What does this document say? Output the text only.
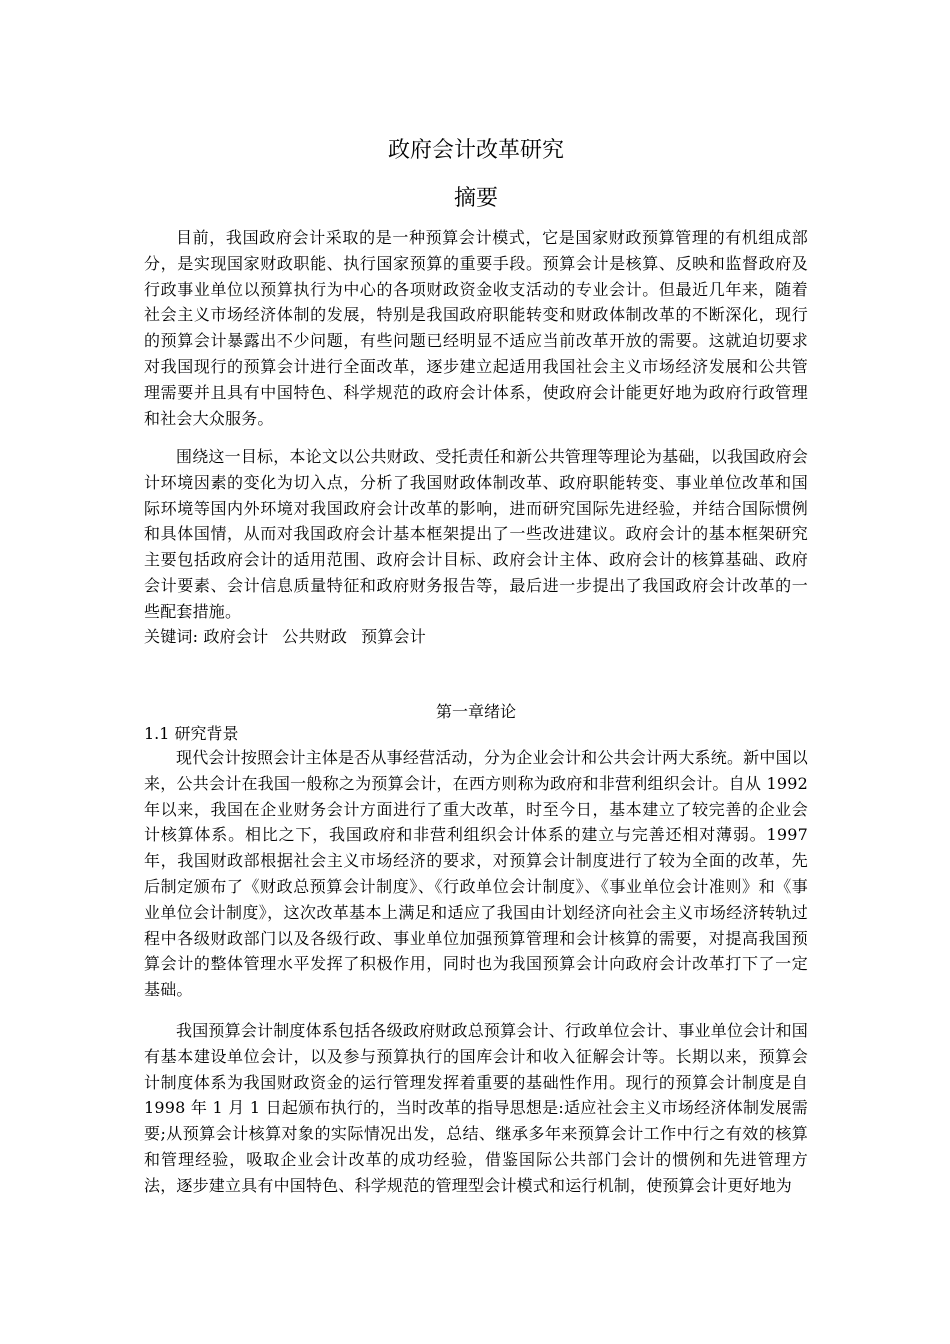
政府会计改革研究
摘要

目前，我国政府会计采取的是一种预算会计模式，它是国家财政预算管理的有机组成部分，是实现国家财政职能、执行国家预算的重要手段。预算会计是核算、反映和监督政府及行政事业单位以预算执行为中心的各项财政资金收支活动的专业会计。但最近几年来，随着社会主义市场经济体制的发展，特别是我国政府职能转变和财政体制改革的不断深化，现行的预算会计暴露出不少问题，有些问题已经明显不适应当前改革开放的需要。这就迫切要求对我国现行的预算会计进行全面改革，逐步建立起适用我国社会主义市场经济发展和公共管理需要并且具有中国特色、科学规范的政府会计体系，使政府会计能更好地为政府行政管理和社会大众服务。

围绕这一目标，本论文以公共财政、受托责任和新公共管理等理论为基础，以我国政府会计环境因素的变化为切入点，分析了我国财政体制改革、政府职能转变、事业单位改革和国际环境等国内外环境对我国政府会计改革的影响，进而研究国际先进经验，并结合国际惯例和具体国情，从而对我国政府会计基本框架提出了一些改进建议。政府会计的基本框架研究主要包括政府会计的适用范围、政府会计目标、政府会计主体、政府会计的核算基础、政府会计要素、会计信息质量特征和政府财务报告等，最后进一步提出了我国政府会计改革的一些配套措施。

关键词: 政府会计 公共财政 预算会计

第一章绪论
1.1 研究背景

现代会计按照会计主体是否从事经营活动，分为企业会计和公共会计两大系统。新中国以来，公共会计在我国一般称之为预算会计，在西方则称为政府和非营利组织会计。自从 1992 年以来，我国在企业财务会计方面进行了重大改革，时至今日，基本建立了较完善的企业会计核算体系。相比之下，我国政府和非营利组织会计体系的建立与完善还相对薄弱。1997 年，我国财政部根据社会主义市场经济的要求，对预算会计制度进行了较为全面的改革，先后制定颁布了《财政总预算会计制度》、《行政单位会计制度》、《事业单位会计准则》和《事业单位会计制度》，这次改革基本上满足和适应了我国由计划经济向社会主义市场经济转轨过程中各级财政部门以及各级行政、事业单位加强预算管理和会计核算的需要，对提高我国预算会计的整体管理水平发挥了积极作用，同时也为我国预算会计向政府会计改革打下了一定基础。

我国预算会计制度体系包括各级政府财政总预算会计、行政单位会计、事业单位会计和国有基本建设单位会计，以及参与预算执行的国库会计和收入征解会计等。长期以来，预算会计制度体系为我国财政资金的运行管理发挥着重要的基础性作用。现行的预算会计制度是自 1998 年 1 月 1 日起颁布执行的，当时改革的指导思想是:适应社会主义市场经济体制发展需要;从预算会计核算对象的实际情况出发，总结、继承多年来预算会计工作中行之有效的核算和管理经验，吸取企业会计改革的成功经验，借鉴国际公共部门会计的惯例和先进管理方法，逐步建立具有中国特色、科学规范的管理型会计模式和运行机制，使预算会计更好地为
